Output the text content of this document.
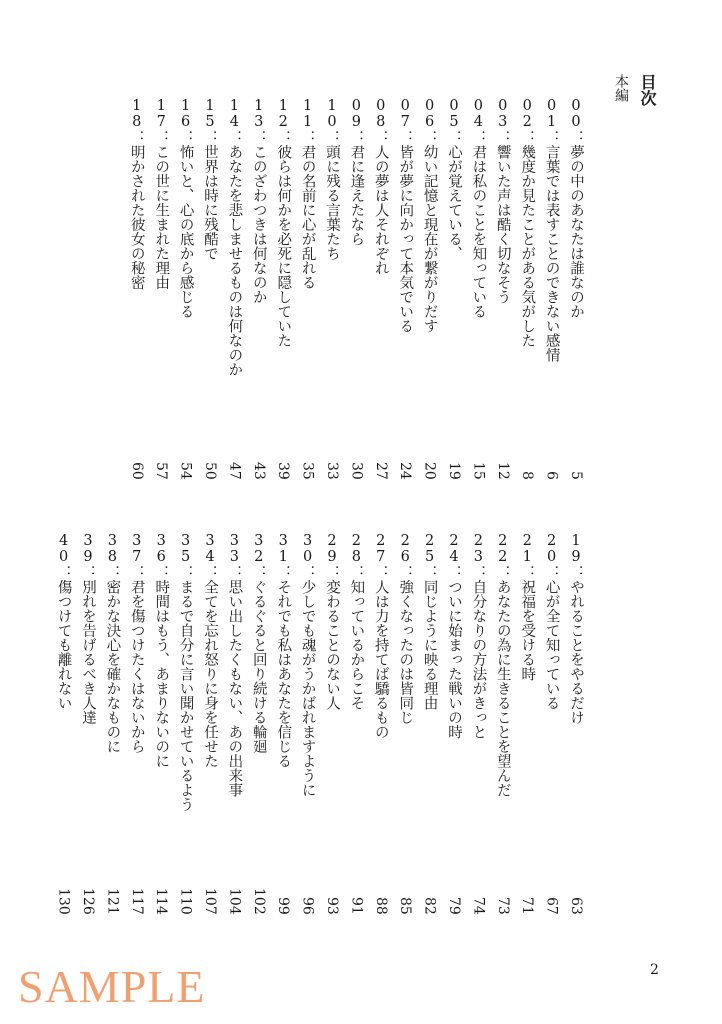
目次
本編
00：夢の中のあなたは誰なのか
5
01：言葉では表すことのできない感情
6
02：幾度か見たことがある気がした
8
03：響いた声は酷く切なそう
12
04：君は私のことを知っている
15
05：心が覚えている、
19
06：幼い記憶と現在が繋がりだす
20
07：皆が夢に向かって本気でいる
24
08：人の夢は人それぞれ
27
09：君に逢えたなら
30
10：頭に残る言葉たち
33
11：君の名前に心が乱れる
35
12：彼らは何かを必死に隠していた
39
13：このざわつきは何なのか
43
14：あなたを悲しませるものは何なのか
47
15：世界は時に残酷で
50
16：怖いと、心の底から感じる
54
17：この世に生まれた理由
57
18：明かされた彼女の秘密
60
19：やれることをやるだけ
63
20：心が全て知っている
67
21：祝福を受ける時
71
22：あなたの為に生きることを望んだ
73
23：自分なりの方法がきっと
74
24：ついに始まった戦いの時
79
25：同じように映る理由
82
26：強くなったのは皆同じ
85
27：人は力を持てば驕るもの
88
28：知っているからこそ
91
29：変わることのない人
93
30：少しでも魂がうかばれますように
96
31：それでも私はあなたを信じる
99
32：ぐるぐると回り続ける輪廻
102
33：思い出したくもない、あの出来事
104
34：全てを忘れ怒りに身を任せた
107
35：まるで自分に言い聞かせているよう
110
36：時間はもう、あまりないのに
114
37：君を傷つけたくはないから
117
38：密かな決心を確かなものに
121
39：別れを告げるべき人達
126
40：傷つけても離れない
130
2
SAMPLE
